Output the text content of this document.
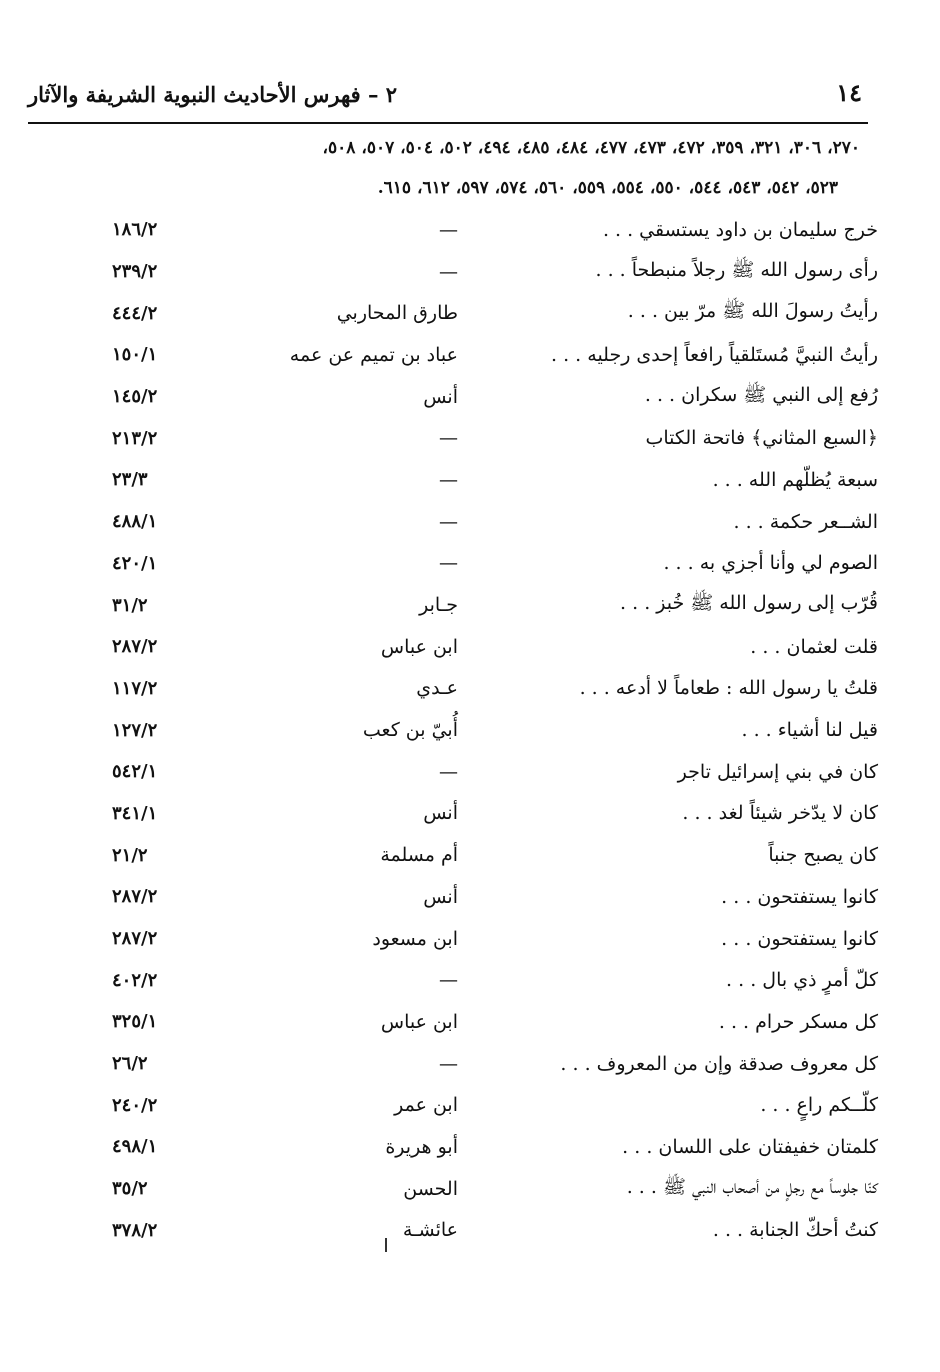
١٤
٢ – فهرس الأحاديث النبوية الشريفة والآثار
٢٧٠، ٣٠٦، ٣٢١، ٣٥٩، ٤٧٢، ٤٧٣، ٤٧٧، ٤٨٤، ٤٨٥، ٤٩٤، ٥٠٢، ٥٠٤، ٥٠٧، ٥٠٨،
٥٢٣، ٥٤٢، ٥٤٣، ٥٤٤، ٥٥٠، ٥٥٤، ٥٥٩، ٥٦٠، ٥٧٤، ٥٩٧، ٦١٢، ٦١٥.
خرج سليمان بن داود يستسقي . . .
—
١٨٦/٢
رأى رسول الله ﷺ رجلاً منبطحاً . . .
—
٢٣٩/٢
رأيتُ رسولَ الله ﷺ مرّ بين . . .
طارق المحاربي
٤٤٤/٢
رأيتُ النبيَّ مُستَلقياً رافعاً إحدى رجليه . . .
عباد بن تميم عن عمه
١٥٠/١
رُفع إلى النبي ﷺ سكران . . .
أنس
١٤٥/٢
﴿السبع المثاني﴾ فاتحة الكتاب
—
٢١٣/٢
سبعة يُظلّهم الله . . .
—
٢٣/٣
الشــعر حكمة . . .
—
٤٨٨/١
الصوم لي وأنا أجزي به . . .
—
٤٢٠/١
قُرّب إلى رسول الله ﷺ خُبز . . .
جـابر
٣١/٢
قلت لعثمان . . .
ابن عباس
٢٨٧/٢
قلتُ يا رسول الله : طعاماً لا أدعه . . .
عـدي
١١٧/٢
قيل لنا أشياء . . .
أُبيّ بن كعب
١٢٧/٢
كان في بني إسرائيل تاجر
—
٥٤٢/١
كان لا يدّخر شيئاً لغد . . .
أنس
٣٤١/١
كان يصبح جنباً
أم مسلمة
٢١/٢
كانوا يستفتحون . . .
أنس
٢٨٧/٢
كانوا يستفتحون . . .
ابن مسعود
٢٨٧/٢
كلّ أمرٍ ذي بال . . .
—
٤٠٢/٢
كل مسكر حرام . . .
ابن عباس
٣٢٥/١
كل معروف صدقة وإن من المعروف . . .
—
٢٦/٢
كلّــكم راعٍ . . .
ابن عمر
٢٤٠/٢
كلمتان خفيفتان على اللسان . . .
أبو هريرة
٤٩٨/١
كنّا جلوساً مع رجلٍ من أصحاب النبي ﷺ . . .
الحسن
٣٥/٢
كنتُ أحكّ الجنابة . . .
عائشـة
٣٧٨/٢
